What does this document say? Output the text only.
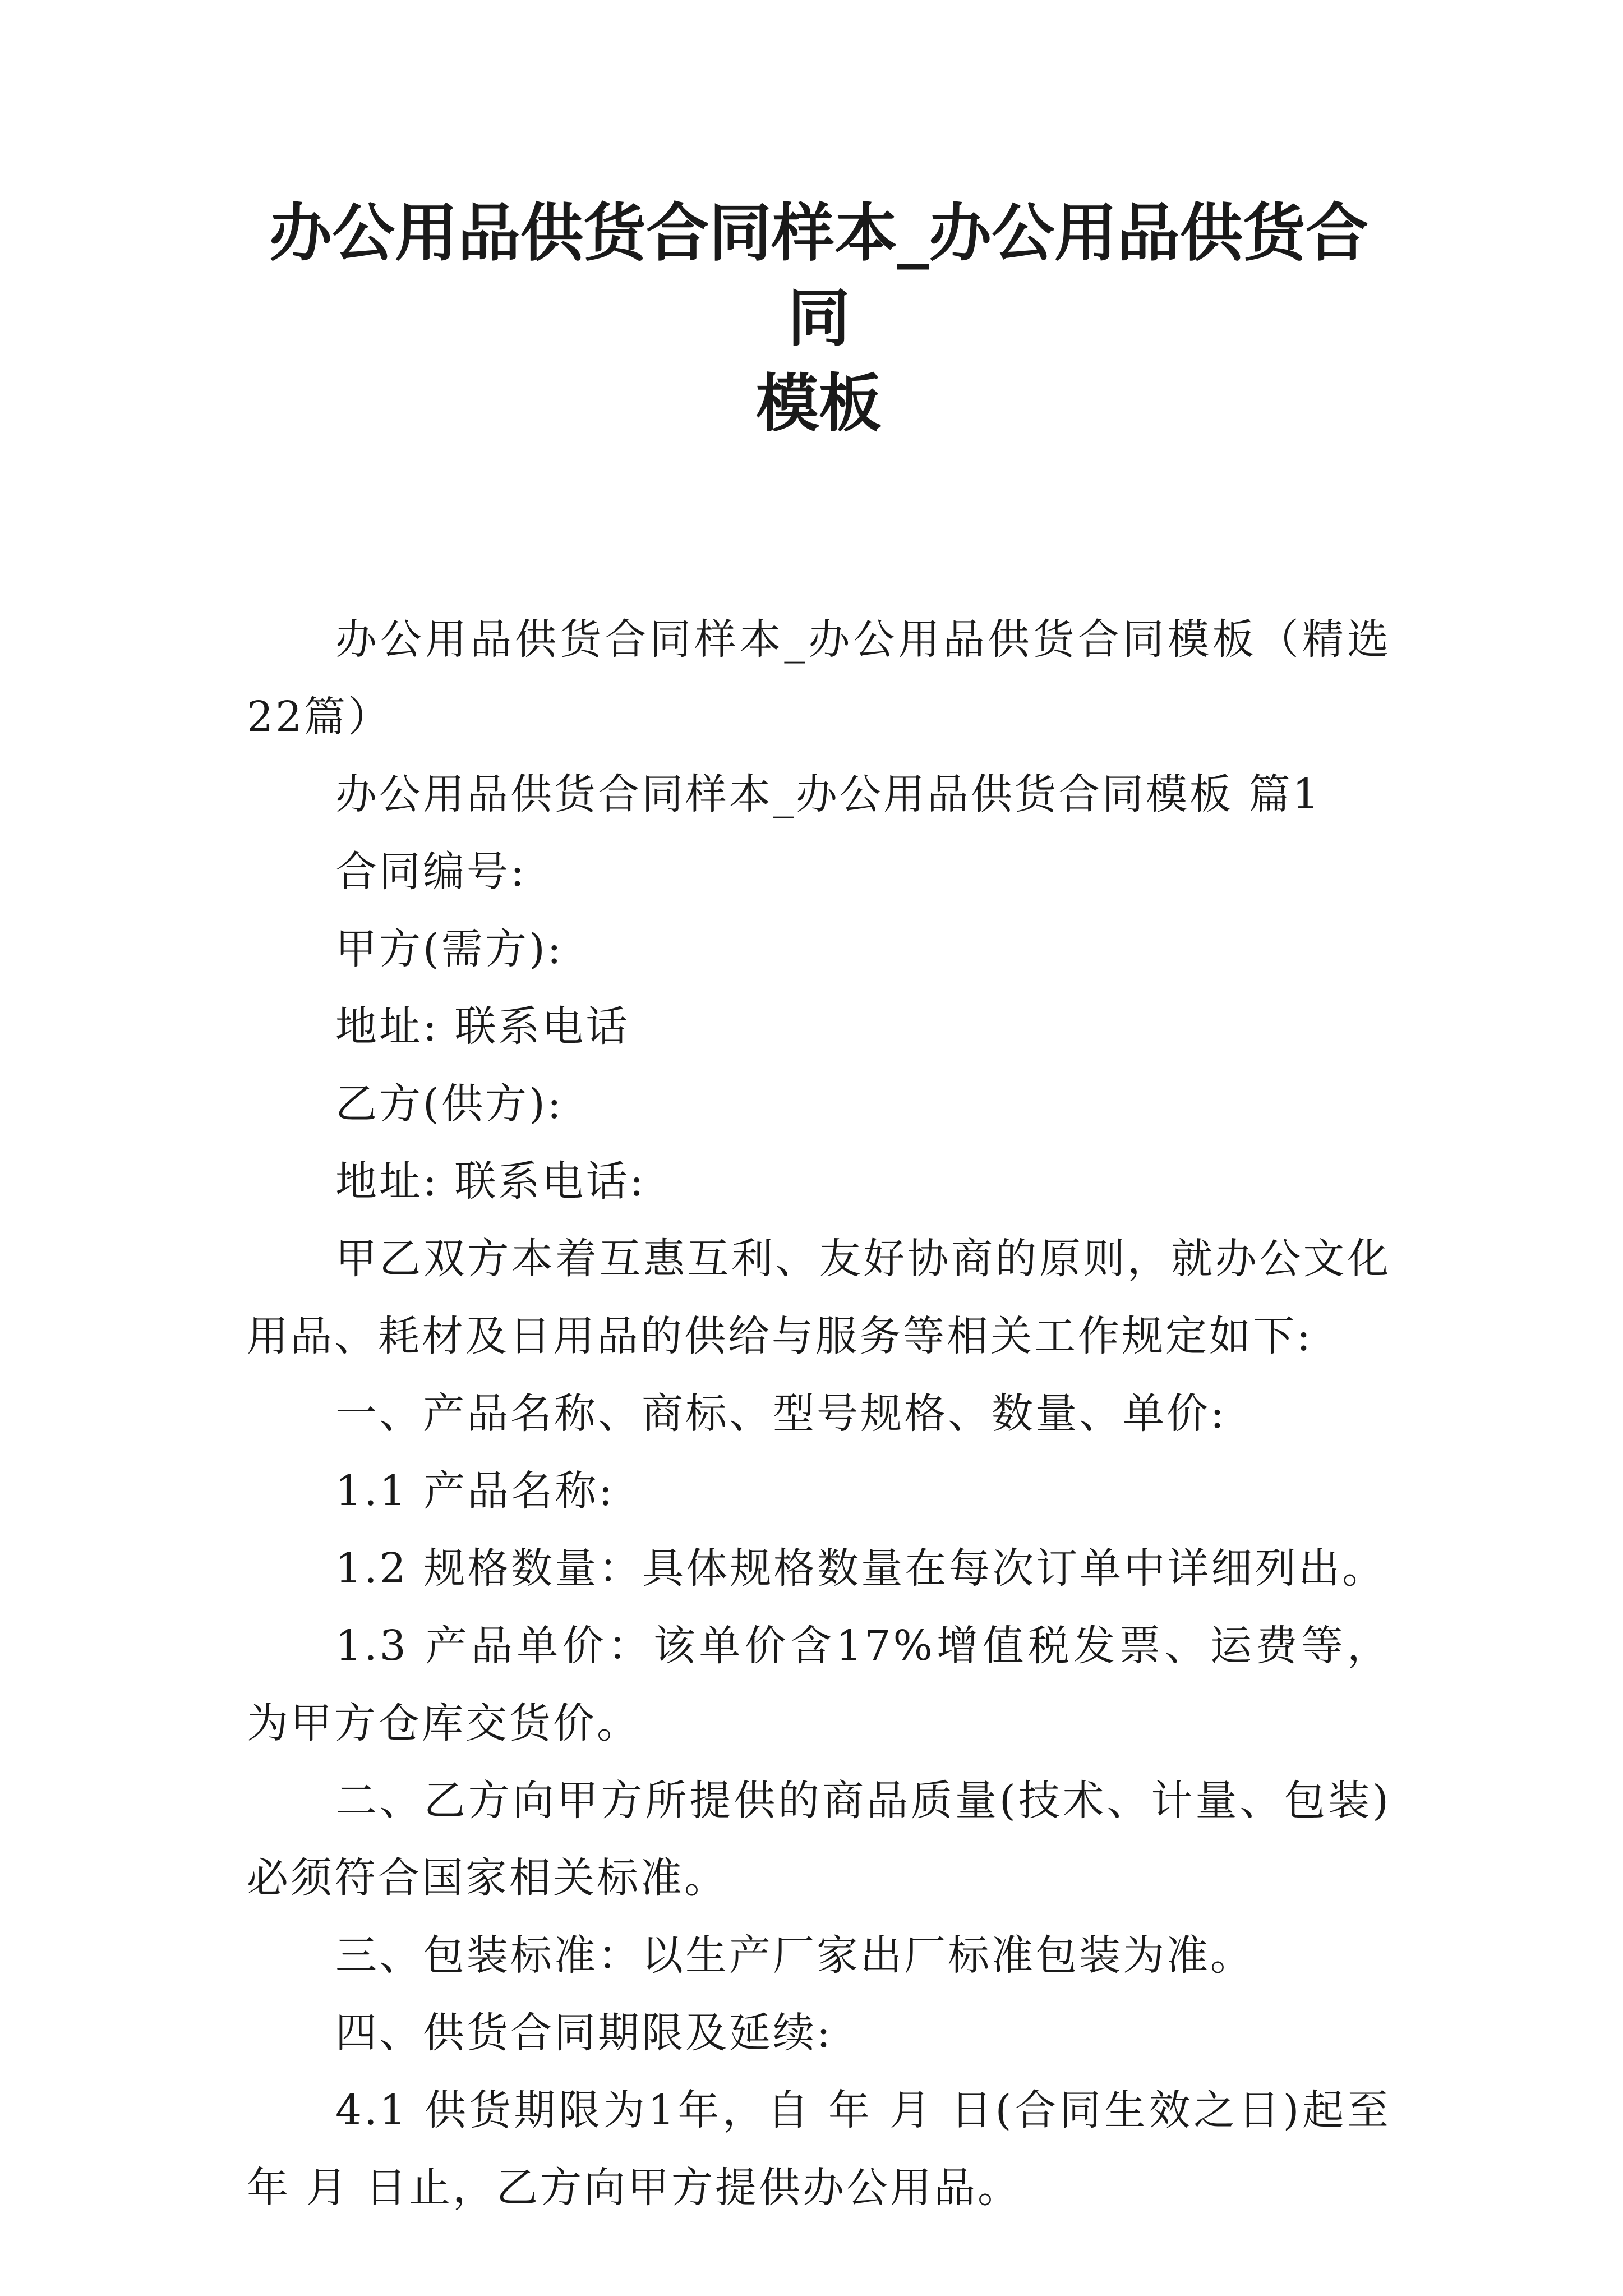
办公用品供货合同样本_办公用品供货合同
模板

办公用品供货合同样本_办公用品供货合同模板（精选22篇）

办公用品供货合同样本_办公用品供货合同模板 篇1

合同编号:

甲方(需方):

地址: 联系电话

乙方(供方):

地址: 联系电话:

甲乙双方本着互惠互利、友好协商的原则，就办公文化用品、耗材及日用品的供给与服务等相关工作规定如下:

一、产品名称、商标、型号规格、数量、单价:

1.1 产品名称:

1.2 规格数量：具体规格数量在每次订单中详细列出。

1.3 产品单价：该单价含17%增值税发票、运费等，为甲方仓库交货价。

二、乙方向甲方所提供的商品质量(技术、计量、包装)必须符合国家相关标准。

三、包装标准：以生产厂家出厂标准包装为准。

四、供货合同期限及延续:

4.1 供货期限为1年，自 年 月 日(合同生效之日)起至 年 月 日止，乙方向甲方提供办公用品。
